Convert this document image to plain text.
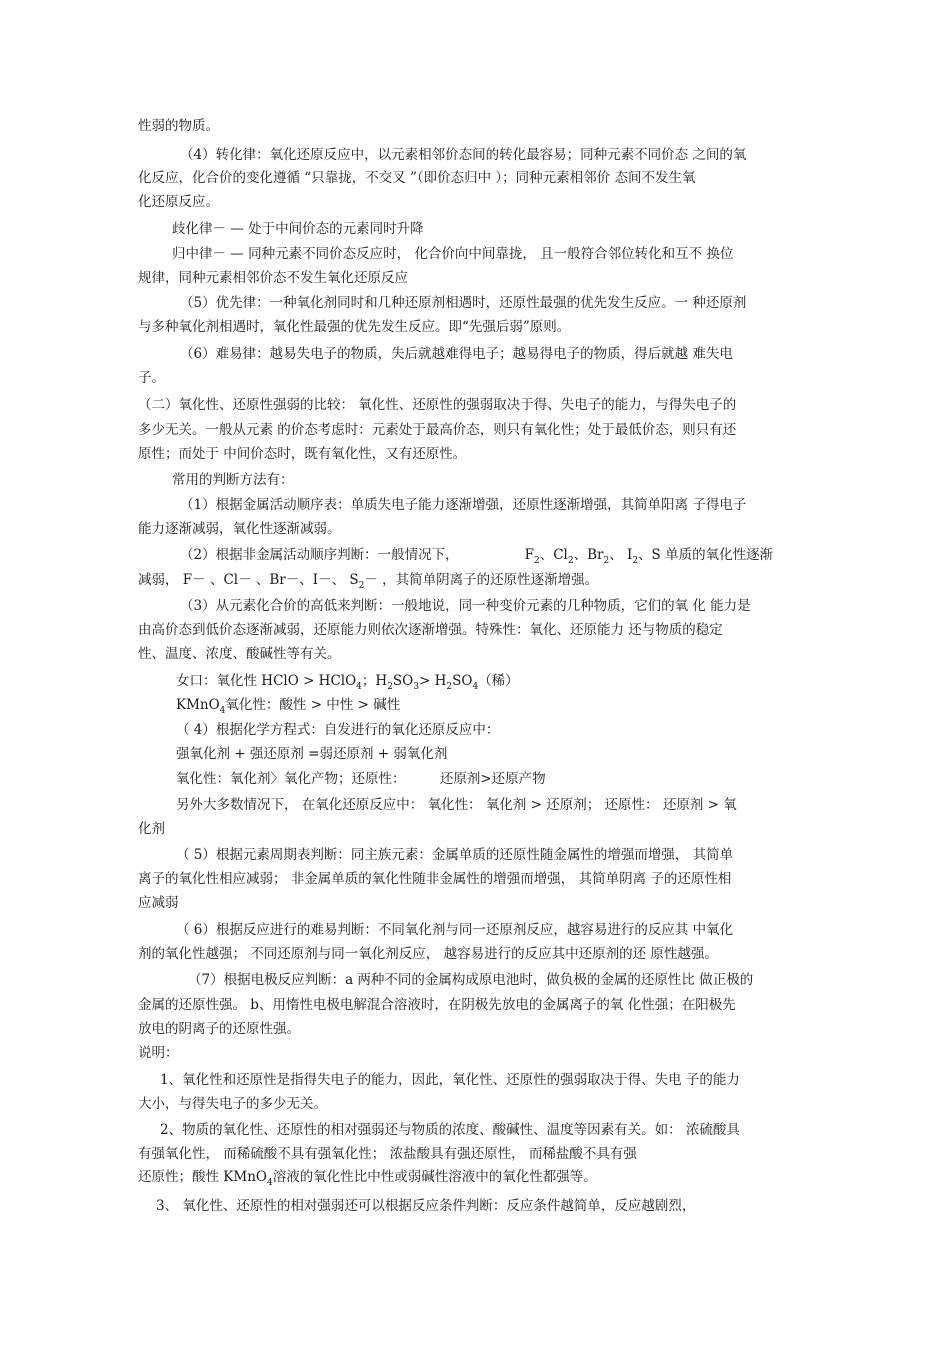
性弱的物质。
（4）转化律：氧化还原反应中，以元素相邻价态间的转化最容易；同种元素不同价态 之间的氧
化反应，化合价的变化遵循 “只靠拢，不交叉 ”（即价态归中 ）；同种元素相邻价 态间不发生氧
化还原反应。
歧化律－ — 处于中间价态的元素同时升降
归中律－ — 同种元素不同价态反应时， 化合价向中间靠拢， 且一般符合邻位转化和互不 换位
规律，同种元素相邻价态不发生氧化还原反应
（5）优先律：一种氧化剂同时和几种还原剂相遇时，还原性最强的优先发生反应。一 种还原剂
与多种氧化剂相遇时，氧化性最强的优先发生反应。即“先强后弱”原则。
（6）难易律：越易失电子的物质，失后就越难得电子；越易得电子的物质，得后就越 难失电
子。
（二）氧化性、还原性强弱的比较： 氧化性、还原性的强弱取决于得、失电子的能力，与得失电子的
多少无关。一般从元素 的价态考虑时：元素处于最高价态，则只有氧化性；处于最低价态，则只有还
原性；而处于 中间价态时，既有氧化性，又有还原性。
常用的判断方法有：
（1）根据金属活动顺序表：单质失电子能力逐渐增强，还原性逐渐增强，其简单阳离 子得电子
能力逐渐减弱，氧化性逐渐减弱。
（2）根据非金属活动顺序判断：一般情况下，	$F_2$、$Cl_2$、$Br_2$、 $I_2$、S 单质的氧化性逐渐
减弱， F－ 、Cl－ 、Br－、I－、 $S_2-$ ，其简单阴离子的还原性逐渐增强。
（3）从元素化合价的高低来判断：一般地说，同一种变价元素的几种物质，它们的氧 化 能力是
由高价态到低价态逐渐减弱，还原能力则依次逐渐增强。特殊性：氧化、还原能力 还与物质的稳定
性、温度、浓度、酸碱性等有关。
女口：氧化性 HClO > HClO$_4$；$H_2SO_3> H_2SO_4$（稀）
KMnO$_4$氧化性：酸性 > 中性 > 碱性
（ 4）根据化学方程式：自发进行的氧化还原反应中：
强氧化剂 + 强还原剂 =弱还原剂 + 弱氧化剂
氧化性：氧化剂〉氧化产物；还原性：        还原剂>还原产物
另外大多数情况下， 在氧化还原反应中： 氧化性： 氧化剂 > 还原剂； 还原性： 还原剂 > 氧
化剂
（ 5）根据元素周期表判断：同主族元素：金属单质的还原性随金属性的增强而增强， 其简单
离子的氧化性相应减弱； 非金属单质的氧化性随非金属性的增强而增强， 其简单阴离 子的还原性相
应减弱
（ 6）根据反应进行的难易判断：不同氧化剂与同一还原剂反应，越容易进行的反应其 中氧化
剂的氧化性越强； 不同还原剂与同一氧化剂反应， 越容易进行的反应其中还原剂的还 原性越强。
（7）根据电极反应判断：a 两种不同的金属构成原电池时，做负极的金属的还原性比 做正极的
金属的还原性强。 b、用惰性电极电解混合溶液时，在阴极先放电的金属离子的氧 化性强；在阳极先
放电的阴离子的还原性强。
说明：
1、氧化性和还原性是指得失电子的能力，因此，氧化性、还原性的强弱取决于得、失电 子的能力
大小，与得失电子的多少无关。
2、物质的氧化性、还原性的相对强弱还与物质的浓度、酸碱性、温度等因素有关。如： 浓硫酸具
有强氧化性， 而稀硫酸不具有强氧化性； 浓盐酸具有强还原性， 而稀盐酸不具有强
还原性；酸性 KMnO$_4$溶液的氧化性比中性或弱碱性溶液中的氧化性都强等。
3、 氧化性、还原性的相对强弱还可以根据反应条件判断：反应条件越简单，反应越剧烈，
